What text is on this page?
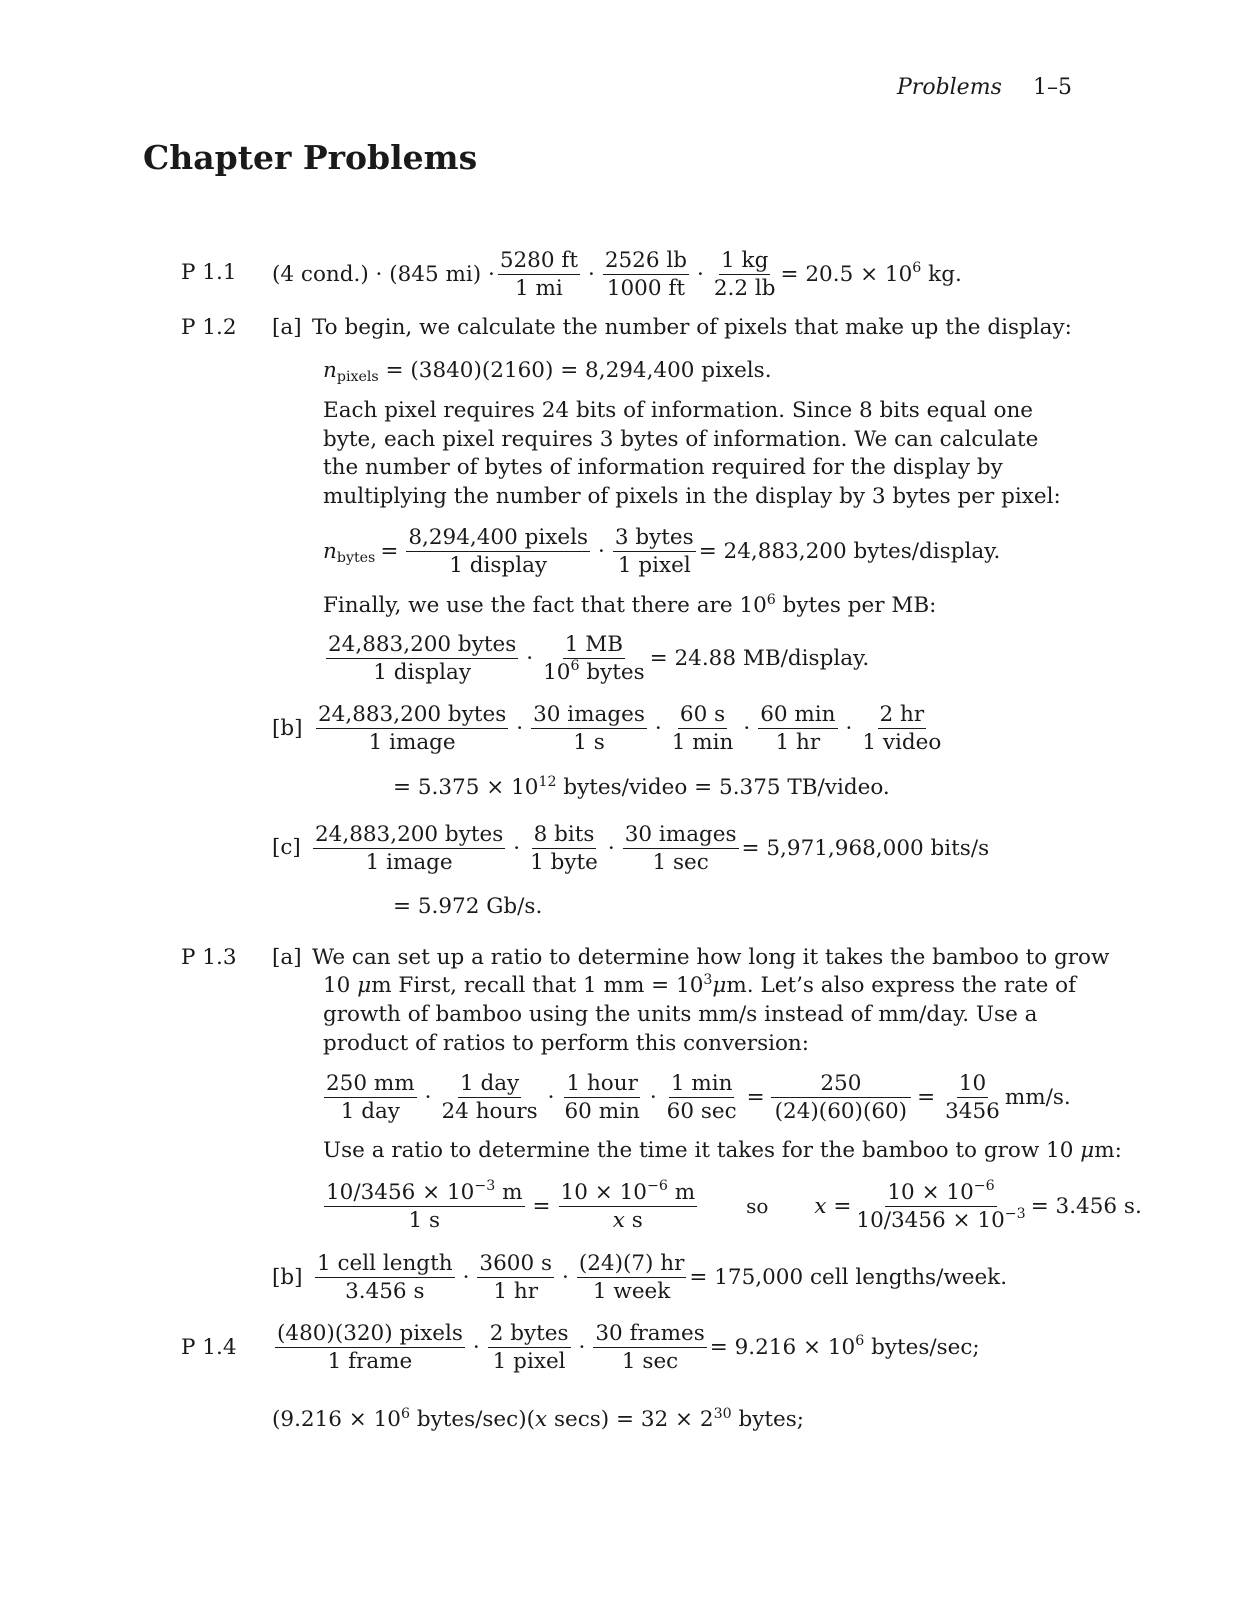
Problems 1–5
Chapter Problems
P 1.1 (4 cond.) · (845 $mi) \cdot \frac{5280 ft}{1 mi} \cdot \frac{2526 lb}{1000 ft} \cdot \frac{1 kg}{2.2 lb} = 20.5 \times 10^6$ kg.
P 1.2 [a] To begin, we calculate the number of pixels that make up the display:
$n_{pixels} = (3840)(2160) = 8,294,400$ pixels.
Each pixel requires 24 bits of information. Since 8 bits equal one byte, each pixel requires 3 bytes of information. We can calculate the number of bytes of information required for the display by multiplying the number of pixels in the display by 3 bytes per pixel:
$n_{bytes} = \frac{\text{8,294,400 pixels}}{\text{1 display}} \cdot \frac{\text{3 bytes}}{\text{1 pixel}} = 24,883,200$ bytes/display.
Finally, we use the fact that there are $10^6$ bytes per MB:
$\frac{\text{24,883,200 bytes}}{\text{1 display}} \cdot \frac{1 MB}{10^6 bytes} = 24.88$ MB/display.
$[b] \frac{\text{24,883,200 bytes}}{\text{1 image}} \cdot \frac{\text{30 images}}{1 s} \cdot \frac{60 s}{1 \min} \cdot \frac{60 \min}{1 hr} \cdot \frac{2 hr}{\text{1 video}}$
= $5.375 \times 10^{12}$ bytes/video = 5.375 TB/video.
$[c] \frac{\text{24,883,200 bytes}}{\text{1 image}} \cdot \frac{\text{8 bits}}{\text{1 byte}} \cdot \frac{\text{30 images}}{1 \sec} = 5,971,968,000$ bits/s
= 5.972 Gb/s.
P 1.3 [a] We can set up a ratio to determine how long it takes the bamboo to grow
10 μm First, recall that 1 mm = $10^3\mu m$. Let’s also express the rate of
growth of bamboo using the units mm/s instead of mm/day. Use a
product of ratios to perform this conversion:
$\frac{250 mm}{\text{1 day}} \cdot \frac{\text{1 day}}{\text{24 hours}} \cdot \frac{\text{1 hour}}{60 \min} \cdot \frac{1 \min}{60 \sec} = \frac{250}{(24)(60)(60)} = \frac{10}{3456} mm/s$.
Use a ratio to determine the time it takes for the bamboo to grow 10 μm:
$\frac{10/3456 \times 10^{-3} m}{1 s} = \frac{10 \times 10^{-6} m}{\text{x s}}$ so $x = \frac{10 \times 10^{-6}}{10/3456 \times 10^{-3}} = 3.456$ s.
$[b] \frac{\text{1 cell length}}{3.456 s} \cdot \frac{3600 s}{1 hr} \cdot \frac{(24)(7) hr}{\text{1 week}} = 175,000$ cell lengths/week.
P $1.4 \frac{\text{(480)(320) pixels}}{\text{1 frame}} \cdot \frac{\text{2 bytes}}{\text{1 pixel}} \cdot \frac{\text{30 frames}}{1 \sec} = 9.216 \times 10^6$ bytes/sec;
($9.216 \times 10^6$ bytes/sec)(x $\sec s) = 32 \times 2^{30}$ bytes;
